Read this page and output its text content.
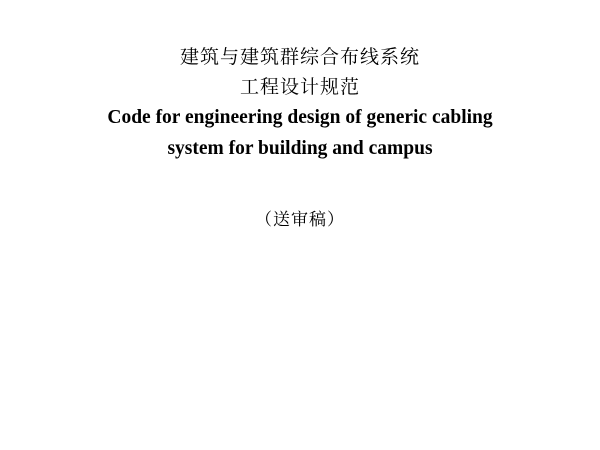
建筑与建筑群综合布线系统
工程设计规范
Code for engineering design of generic cabling
system for building and campus
（送审稿）
